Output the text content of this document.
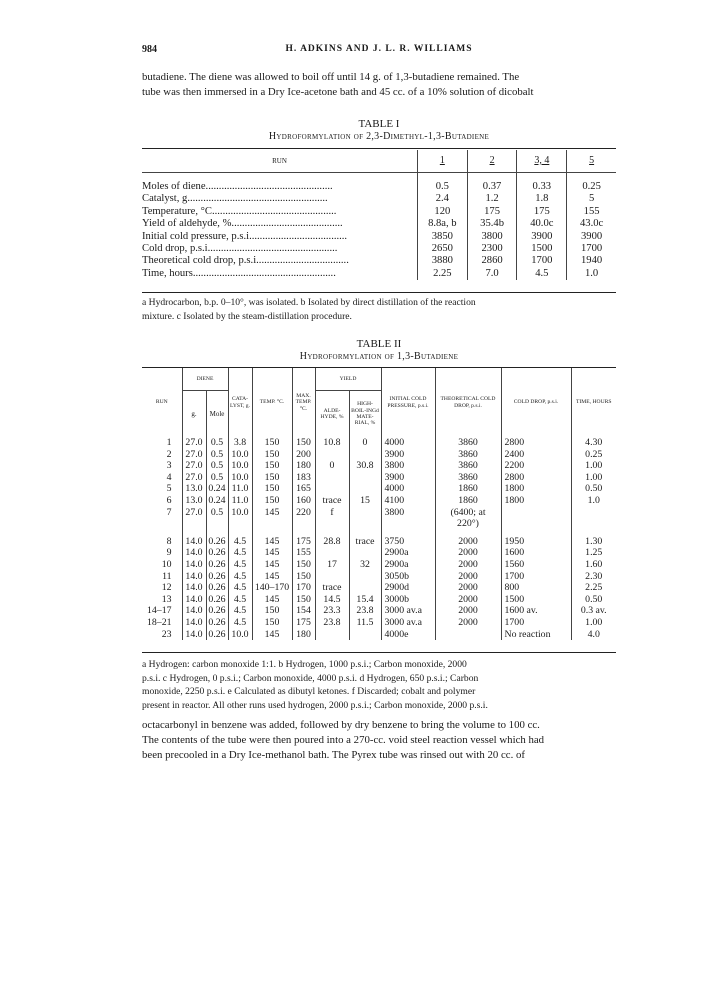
984	H. ADKINS AND J. L. R. WILLIAMS
butadiene. The diene was allowed to boil off until 14 g. of 1,3-butadiene remained. The
tube was then immersed in a Dry Ice-acetone bath and 45 cc. of a 10% solution of dicobalt
TABLE I
Hydroformylation of 2,3-Dimethyl-1,3-Butadiene
RUN	1	2	3, 4	5

Moles of diene................................................	0.5	0.37	0.33	0.25
Catalyst, g.....................................................	2.4	1.2	1.8	5
Temperature, °C...............................................	120	175	175	155
Yield of aldehyde, %..........................................	8.8a, b	35.4b	40.0c	43.0c
Initial cold pressure, p.s.i.....................................	3850	3800	3900	3900
Cold drop, p.s.i.................................................	2650	2300	1500	1700
Theoretical cold drop, p.s.i...................................	3880	2860	1700	1940
Time, hours......................................................	2.25	7.0	4.5	1.0
a Hydrocarbon, b.p. 0–10°, was isolated. b Isolated by direct distillation of the reaction
mixture. c Isolated by the steam-distillation procedure.
TABLE II
Hydroformylation of 1,3-Butadiene
RUN	DIENE		CATA-LYST, g.	TEMP. °C.	MAX. TEMP. °C.	YIELD		INITIAL COLD PRESSURE, p.s.i.	THEORETICAL COLD DROP, p.s.i.	COLD DROP, p.s.i.	TIME, HOURS
	g.	Mole				ALDE-HYDE, %	HIGH-BOIL-INGd MATE-RIAL, %				

1	27.0	0.5	3.8	150	150	10.8	0	4000	3860	2800	4.30
2	27.0	0.5	10.0	150	200			3900	3860	2400	0.25
3	27.0	0.5	10.0	150	180	0	30.8	3800	3860	2200	1.00
4	27.0	0.5	10.0	150	183			3900	3860	2800	1.00
5	13.0	0.24	11.0	150	165			4000	1860	1800	0.50
6	13.0	0.24	11.0	150	160	trace	15	4100	1860	1800	1.0
7	27.0	0.5	10.0	145	220	f		3800	(6400; at		
									220°)		

8	14.0	0.26	4.5	145	175	28.8	trace	3750	2000	1950	1.30
9	14.0	0.26	4.5	145	155			2900a	2000	1600	1.25
10	14.0	0.26	4.5	145	150	17	32	2900a	2000	1560	1.60
11	14.0	0.26	4.5	145	150			3050b	2000	1700	2.30
12	14.0	0.26	4.5	140–170	170	trace		2900d	2000	800	2.25
13	14.0	0.26	4.5	145	150	14.5	15.4	3000b	2000	1500	0.50
14–17	14.0	0.26	4.5	150	154	23.3	23.8	3000 av.a	2000	1600 av.	0.3 av.
18–21	14.0	0.26	4.5	150	175	23.8	11.5	3000 av.a	2000	1700	1.00
23	14.0	0.26	10.0	145	180			4000e		No reaction	4.0
a Hydrogen: carbon monoxide 1:1. b Hydrogen, 1000 p.s.i.; Carbon monoxide, 2000
p.s.i. c Hydrogen, 0 p.s.i.; Carbon monoxide, 4000 p.s.i. d Hydrogen, 650 p.s.i.; Carbon
monoxide, 2250 p.s.i. e Calculated as dibutyl ketones. f Discarded; cobalt and polymer
present in reactor. All other runs used hydrogen, 2000 p.s.i.; Carbon monoxide, 2000 p.s.i.
octacarbonyl in benzene was added, followed by dry benzene to bring the volume to 100 cc.
The contents of the tube were then poured into a 270-cc. void steel reaction vessel which had
been precooled in a Dry Ice-methanol bath. The Pyrex tube was rinsed out with 20 cc. of
